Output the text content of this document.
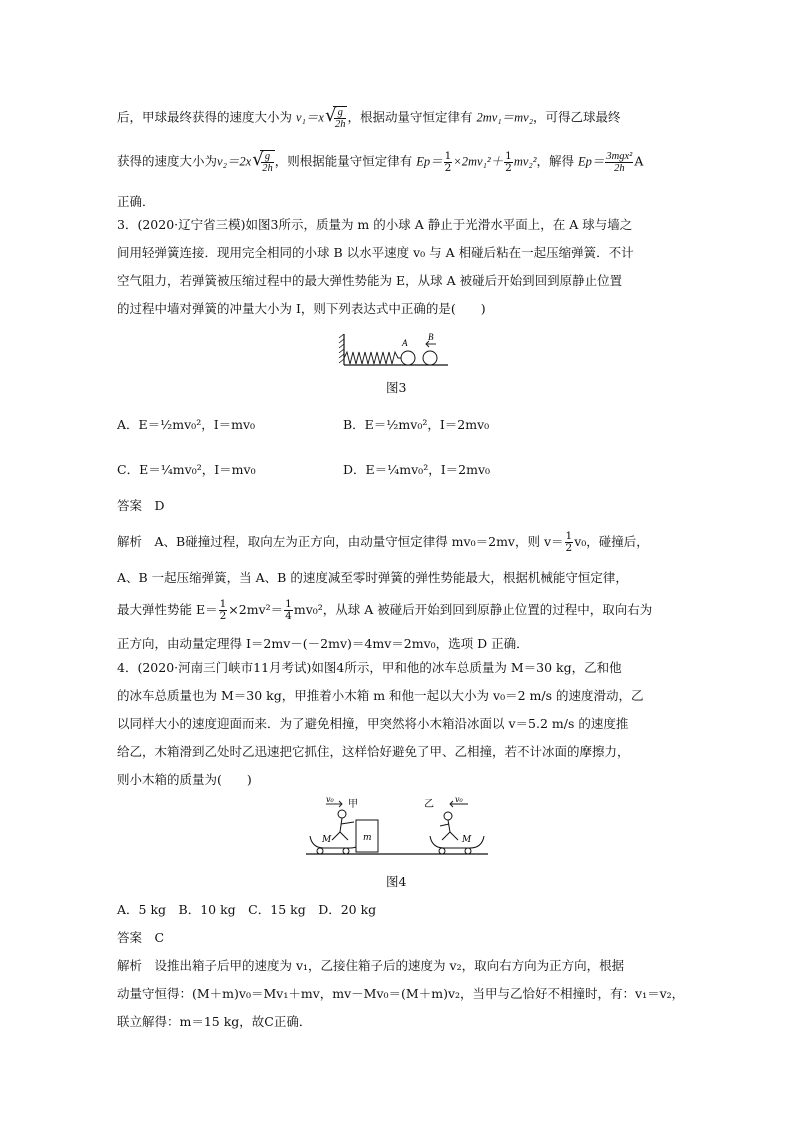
后，甲球最终获得的速度大小为 v₁＝x √
$\frac{g}{2h}$ ，根据动量守恒定律有 2mv₁＝mv₂，可得乙球最终
获得的速度大小为v₂＝2x √
$\frac{g}{2h}$ ，则根据能量守恒定律有 $Ep= \frac{1}{2} \times 2mv_1^2+ \frac{1}{2} mv_2^2$，解得 $Ep= \frac{\text{3mgx²}}{2h}$ A
正确．
3．(2020·辽宁省三模)如图3所示，质量为 m 的小球 A 静止于光滑水平面上，在 A 球与墙之
间用轻弹簧连接．现用完全相同的小球 B 以水平速度 v₀ 与 A 相碰后粘在一起压缩弹簧．不计
空气阻力，若弹簧被压缩过程中的最大弹性势能为 E，从球 A 被碰后开始到回到原静止位置
的过程中墙对弹簧的冲量大小为 I，则下列表达式中正确的是(　　)
A
B
图3
A．E＝½mv₀²，I＝mv₀	B．E＝½mv₀²，I＝2mv₀
C．E＝¼mv₀²，I＝mv₀	D．E＝¼mv₀²，I＝2mv₀
答案　D
解析　A、B碰撞过程，取向左为正方向，由动量守恒定律得 mv₀＝2mv，则 $v= \frac{1}{2} v_0$，碰撞后，
A、B 一起压缩弹簧，当 A、B 的速度减至零时弹簧的弹性势能最大，根据机械能守恒定律，
最大弹性势能 $E= \frac{1}{2} \times 2mv^2= \frac{1}{4} mv_0^2$，从球 A 被碰后开始到回到原静止位置的过程中，取向右为
正方向，由动量定理得 I＝2mv－(－2mv)＝4mv＝2mv₀，选项 D 正确．
4．(2020·河南三门峡市11月考试)如图4所示，甲和他的冰车总质量为 M＝30 kg，乙和他
的冰车总质量也为 M＝30 kg，甲推着小木箱 m 和他一起以大小为 v₀＝2 m/s 的速度滑动，乙
以同样大小的速度迎面而来．为了避免相撞，甲突然将小木箱沿冰面以 v＝5.2 m/s 的速度推
给乙，木箱滑到乙处时乙迅速把它抓住，这样恰好避免了甲、乙相撞，若不计冰面的摩擦力，
则小木箱的质量为(　　)
v₀ 甲
M	m
v₀
乙
M
图4
A．5 kg　B．10 kg　C．15 kg　D．20 kg
答案　C
解析　设推出箱子后甲的速度为 v₁，乙接住箱子后的速度为 v₂，取向右方向为正方向，根据
动量守恒得：(M＋m)v₀＝Mv₁＋mv，mv－Mv₀＝(M＋m)v₂，当甲与乙恰好不相撞时，有：v₁＝v₂，
联立解得：m＝15 kg，故C正确．
